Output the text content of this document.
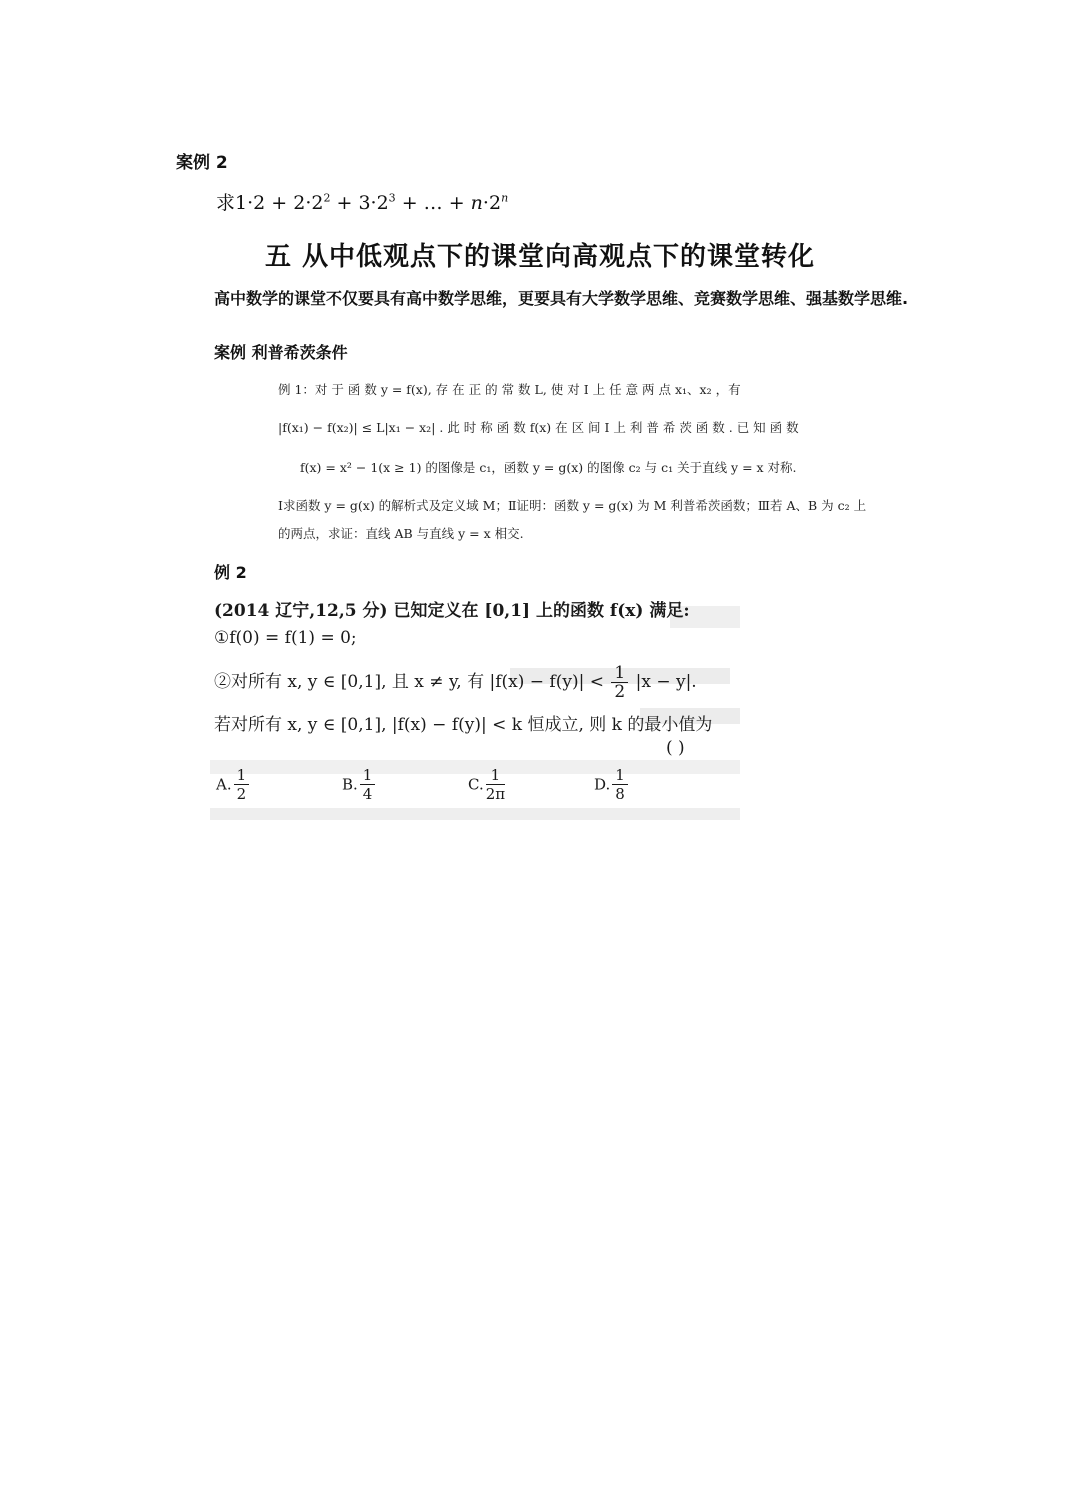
案例 2
求$1\cdot 2 + 2\cdot 2^2 + 3\cdot 2^3$ + … + $n\cdot 2^n$
五 从中低观点下的课堂向高观点下的课堂转化
高中数学的课堂不仅要具有高中数学思维，更要具有大学数学思维、竞赛数学思维、强基数学思维.
案例 利普希茨条件
例 1：对 于 函 数 y = f(x), 存 在 正 的 常 数 L, 使 对 I 上 任 意 两 点 x₁、x₂ ，有
|f(x₁) − f(x₂)| ≤ L|x₁ − x₂| . 此 时 称 函 数 f(x) 在 区 间 I 上 利 普 希 茨 函 数 . 已 知 函 数
f(x) = x² − 1(x ≥ 1) 的图像是 c₁，函数 y = g(x) 的图像 c₂ 与 c₁ 关于直线 y = x 对称.
Ⅰ求函数 y = g(x) 的解析式及定义域 M；Ⅱ证明：函数 y = g(x) 为 M 利普希茨函数；Ⅲ若 A、B 为 c₂ 上
的两点，求证：直线 AB 与直线 y = x 相交.
例 2
(2014 辽宁,12,5 分) 已知定义在 [0,1] 上的函数 f(x) 满足:
①f(0) = f(1) = 0;
②对所有 x, y ∈ [0,1], 且 x ≠ y, 有 $|f(x) - f(y)| < \frac{1}{2} |x - y|$.
若对所有 x, y ∈ [0,1], |f(x) − f(y)| < k 恒成立, 则 k 的最小值为
( )
A. $\frac{1}{2}$	B. $\frac{1}{4}$	C. $\frac{1}{2\pi}$	D. $\frac{1}{8}$
